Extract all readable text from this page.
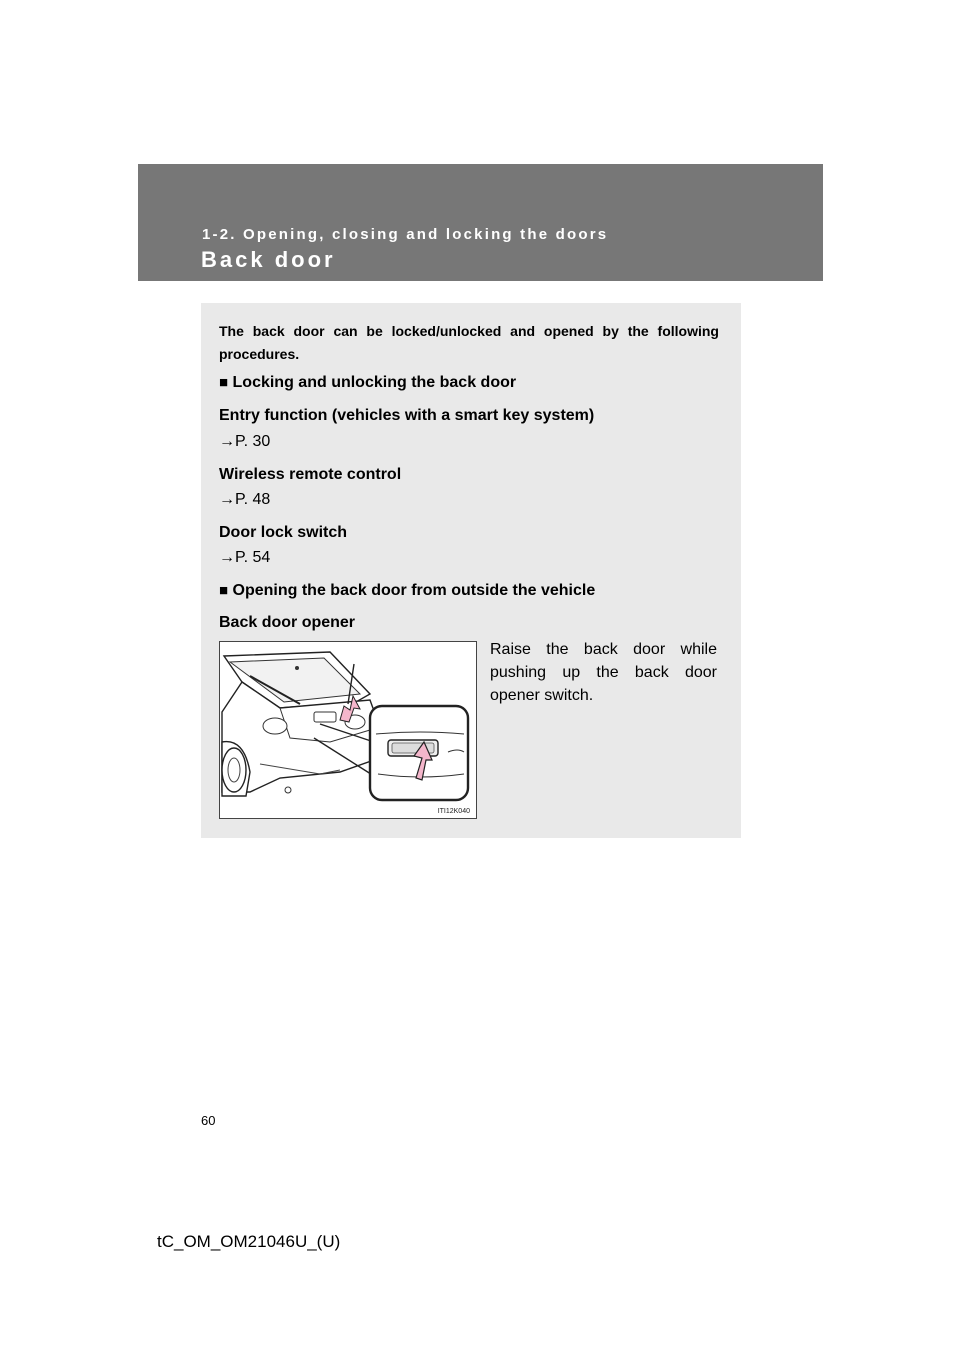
1-2. Opening, closing and locking the doors
Back door
The back door can be locked/unlocked and opened by the following procedures.
■ Locking and unlocking the back door
Entry function (vehicles with a smart key system)
→P. 30
Wireless remote control
→P. 48
Door lock switch
→P. 54
■ Opening the back door from outside the vehicle
Back door opener
Raise the back door while pushing up the back door opener switch.
ITI12K040
60
tC_OM_OM21046U_(U)
